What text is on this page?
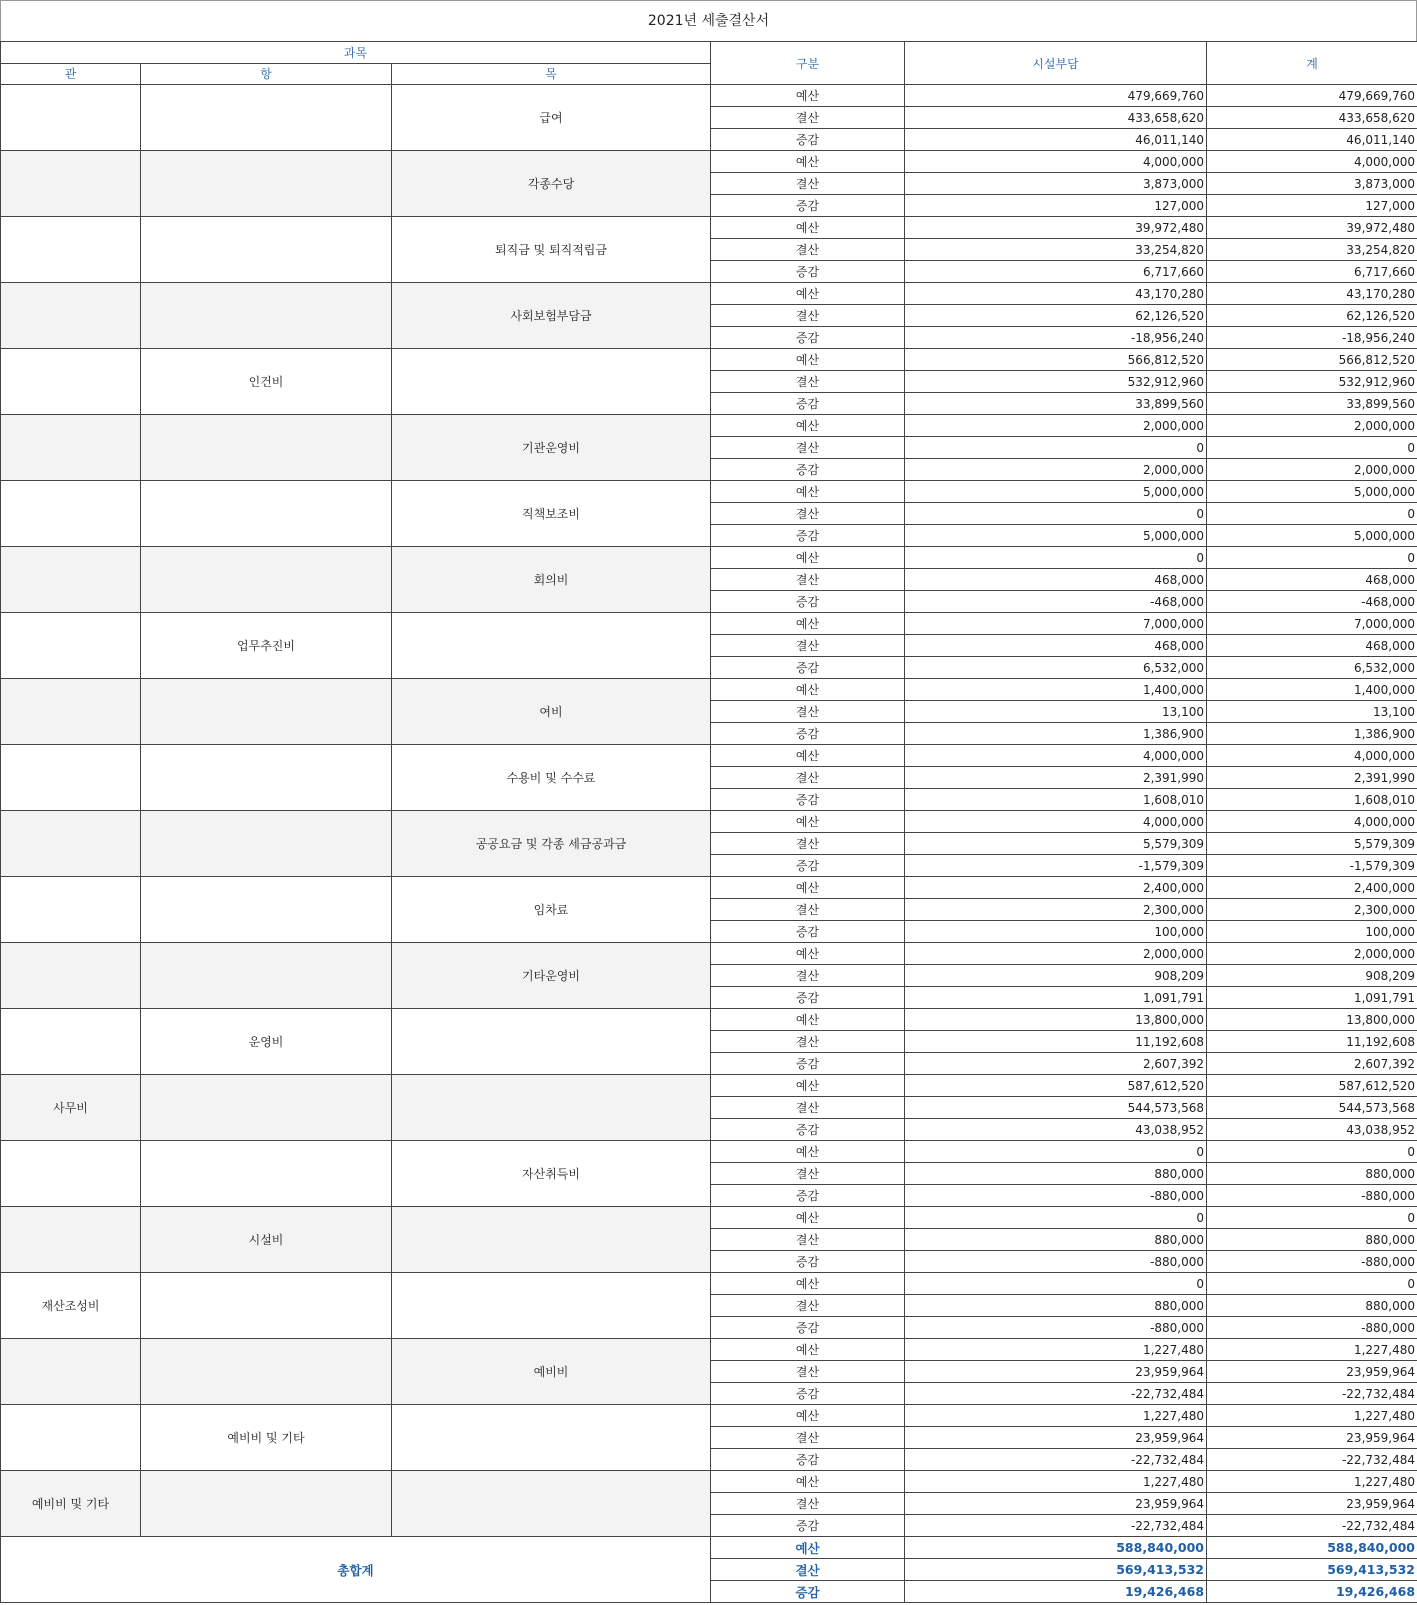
2021년 세출결산서
과목			구분	시설부담	계
관	항	목			
		급여	예산	479,669,760	479,669,760
			결산	433,658,620	433,658,620
			증감	46,011,140	46,011,140
		각종수당	예산	4,000,000	4,000,000
			결산	3,873,000	3,873,000
			증감	127,000	127,000
		퇴직금 및 퇴직적립금	예산	39,972,480	39,972,480
			결산	33,254,820	33,254,820
			증감	6,717,660	6,717,660
		사회보험부담금	예산	43,170,280	43,170,280
			결산	62,126,520	62,126,520
			증감	-18,956,240	-18,956,240
	인건비		예산	566,812,520	566,812,520
			결산	532,912,960	532,912,960
			증감	33,899,560	33,899,560
		기관운영비	예산	2,000,000	2,000,000
			결산	0	0
			증감	2,000,000	2,000,000
		직책보조비	예산	5,000,000	5,000,000
			결산	0	0
			증감	5,000,000	5,000,000
		회의비	예산	0	0
			결산	468,000	468,000
			증감	-468,000	-468,000
	업무추진비		예산	7,000,000	7,000,000
			결산	468,000	468,000
			증감	6,532,000	6,532,000
		여비	예산	1,400,000	1,400,000
			결산	13,100	13,100
			증감	1,386,900	1,386,900
		수용비 및 수수료	예산	4,000,000	4,000,000
			결산	2,391,990	2,391,990
			증감	1,608,010	1,608,010
		공공요금 및 각종 세금공과금	예산	4,000,000	4,000,000
			결산	5,579,309	5,579,309
			증감	-1,579,309	-1,579,309
		임차료	예산	2,400,000	2,400,000
			결산	2,300,000	2,300,000
			증감	100,000	100,000
		기타운영비	예산	2,000,000	2,000,000
			결산	908,209	908,209
			증감	1,091,791	1,091,791
	운영비		예산	13,800,000	13,800,000
			결산	11,192,608	11,192,608
			증감	2,607,392	2,607,392
사무비			예산	587,612,520	587,612,520
			결산	544,573,568	544,573,568
			증감	43,038,952	43,038,952
		자산취득비	예산	0	0
			결산	880,000	880,000
			증감	-880,000	-880,000
	시설비		예산	0	0
			결산	880,000	880,000
			증감	-880,000	-880,000
재산조성비			예산	0	0
			결산	880,000	880,000
			증감	-880,000	-880,000
		예비비	예산	1,227,480	1,227,480
			결산	23,959,964	23,959,964
			증감	-22,732,484	-22,732,484
	예비비 및 기타		예산	1,227,480	1,227,480
			결산	23,959,964	23,959,964
			증감	-22,732,484	-22,732,484
예비비 및 기타			예산	1,227,480	1,227,480
			결산	23,959,964	23,959,964
			증감	-22,732,484	-22,732,484
총합계			예산	588,840,000	588,840,000
			결산	569,413,532	569,413,532
			증감	19,426,468	19,426,468
